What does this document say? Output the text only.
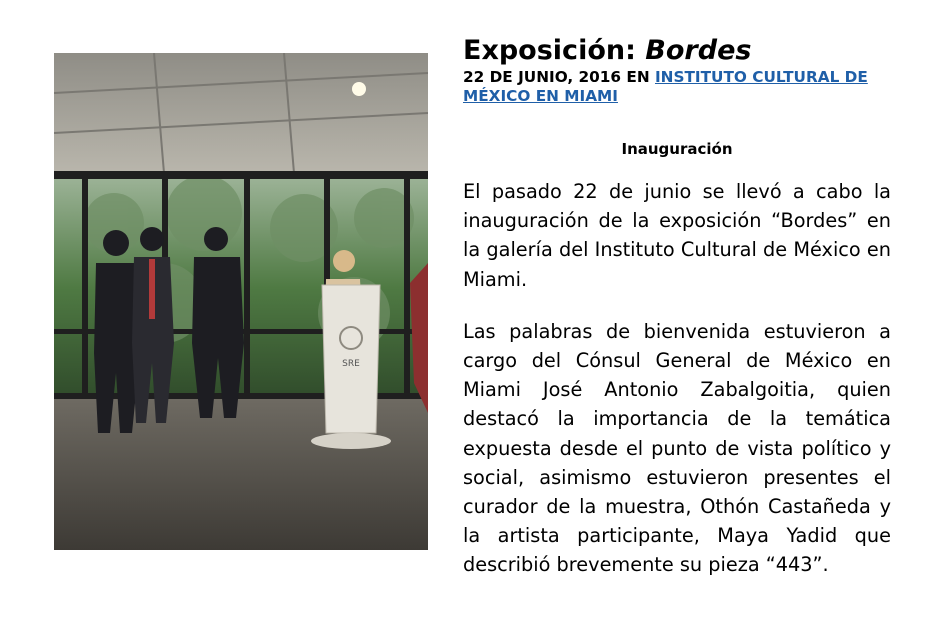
SRE
Exposición: Bordes

22 DE JUNIO, 2016 EN INSTITUTO CULTURAL DE MÉXICO EN MIAMI

Inauguración

El pasado 22 de junio se llevó a cabo la inauguración de la exposición “Bordes” en la galería del Instituto Cultural de México en Miami.

Las palabras de bienvenida estuvieron a cargo del Cónsul General de México en Miami José Antonio Zabalgoitia, quien destacó la importancia de la temática expuesta desde el punto de vista político y social, asimismo estuvieron presentes el curador de la muestra, Othón Castañeda y la artista participante, Maya Yadid que describió brevemente su pieza “443”.
